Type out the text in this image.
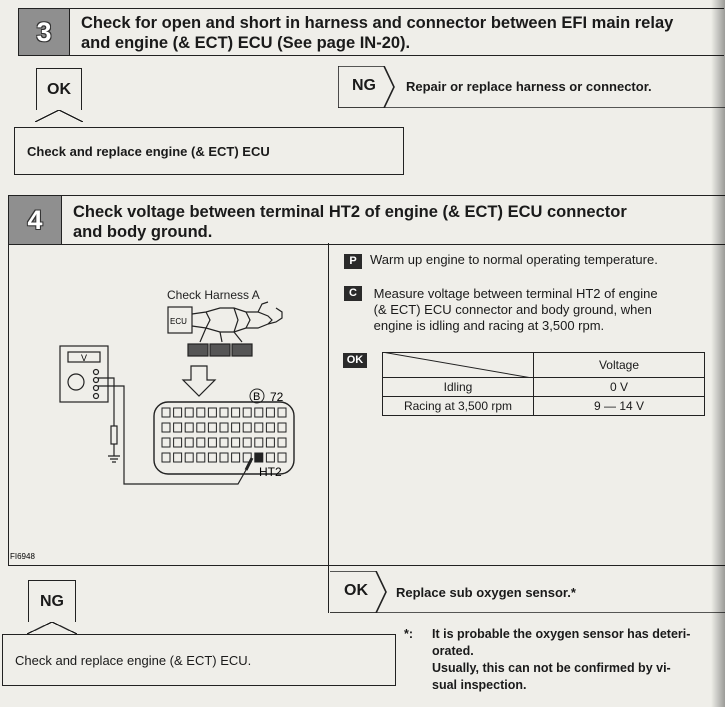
3	Check for open and short in harness and connector between EFI main relay
and engine (& ECT) ECU (See page IN-20).
OK	NG Repair or replace harness or connector.
Check and replace engine (& ECT) ECU
4	Check voltage between terminal HT2 of engine (& ECT) ECU connector
and body ground.
ECU
Check Harness A
B 72
HT2
V
FI6948
P Warm up engine to normal operating temperature.
C Measure voltage between terminal HT2 of engine
(& ECT) ECU connector and body ground, when
engine is idling and racing at 3,500 rpm.
OK
		Voltage
Idling	0 V
Racing at 3,500 rpm	9 — 14 V
OK Replace sub oxygen sensor.*
NG
Check and replace engine (& ECT) ECU.
*: It is probable the oxygen sensor has deteri-
orated.
Usually, this can not be confirmed by vi-
sual inspection.
